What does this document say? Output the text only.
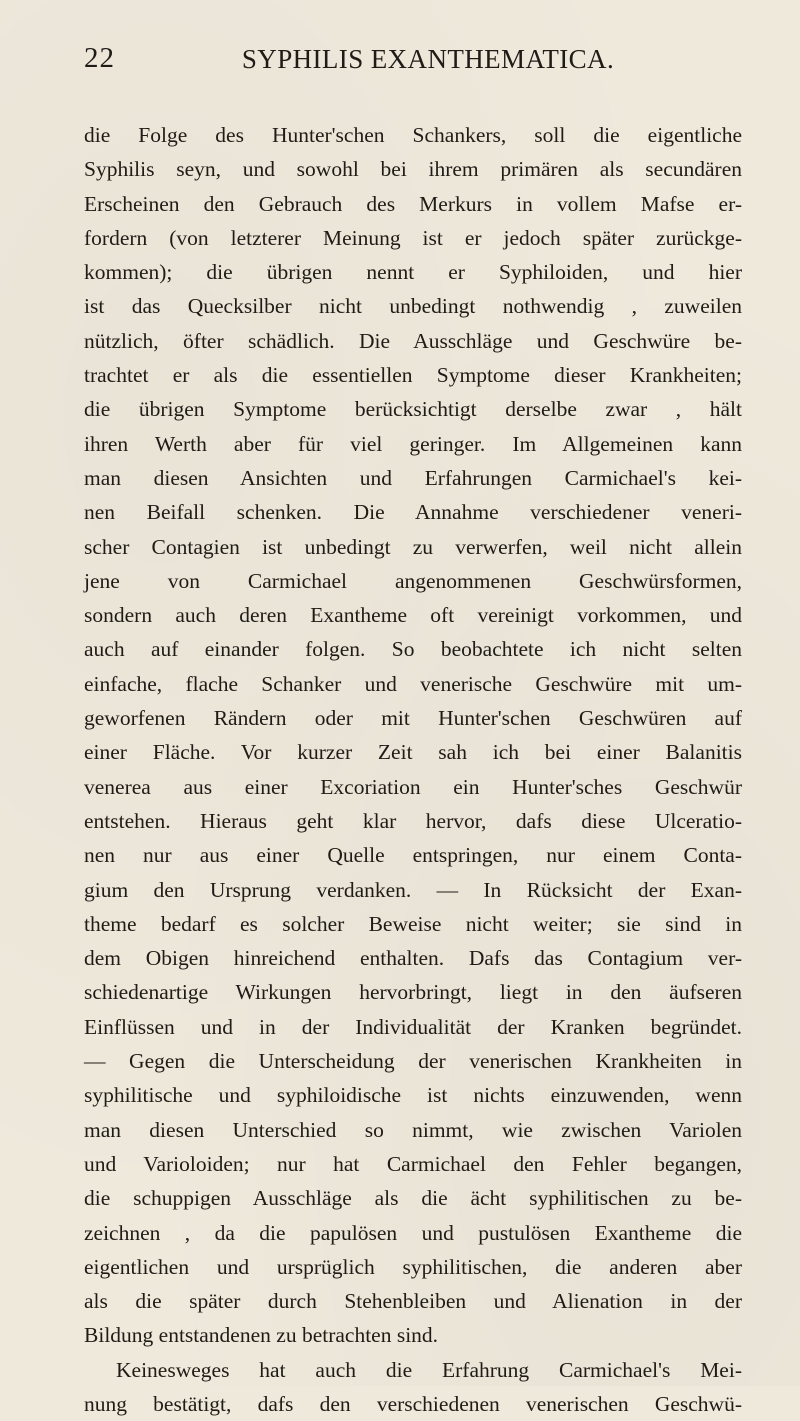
22	SYPHILIS EXANTHEMATICA.
die Folge des Hunter'schen Schankers, soll die eigentliche
Syphilis seyn, und sowohl bei ihrem primären als secundären
Erscheinen den Gebrauch des Merkurs in vollem Mafse er-
fordern (von letzterer Meinung ist er jedoch später zurückge-
kommen); die übrigen nennt er Syphiloiden, und hier
ist das Quecksilber nicht unbedingt nothwendig , zuweilen
nützlich, öfter schädlich. Die Ausschläge und Geschwüre be-
trachtet er als die essentiellen Symptome dieser Krankheiten;
die übrigen Symptome berücksichtigt derselbe zwar , hält
ihren Werth aber für viel geringer. Im Allgemeinen kann
man diesen Ansichten und Erfahrungen Carmichael's kei-
nen Beifall schenken. Die Annahme verschiedener veneri-
scher Contagien ist unbedingt zu verwerfen, weil nicht allein
jene von Carmichael angenommenen Geschwürsformen,
sondern auch deren Exantheme oft vereinigt vorkommen, und
auch auf einander folgen. So beobachtete ich nicht selten
einfache, flache Schanker und venerische Geschwüre mit um-
geworfenen Rändern oder mit Hunter'schen Geschwüren auf
einer Fläche. Vor kurzer Zeit sah ich bei einer Balanitis
venerea aus einer Excoriation ein Hunter'sches Geschwür
entstehen. Hieraus geht klar hervor, dafs diese Ulceratio-
nen nur aus einer Quelle entspringen, nur einem Conta-
gium den Ursprung verdanken. — In Rücksicht der Exan-
theme bedarf es solcher Beweise nicht weiter; sie sind in
dem Obigen hinreichend enthalten. Dafs das Contagium ver-
schiedenartige Wirkungen hervorbringt, liegt in den äufseren
Einflüssen und in der Individualität der Kranken begründet.
— Gegen die Unterscheidung der venerischen Krankheiten in
syphilitische und syphiloidische ist nichts einzuwenden, wenn
man diesen Unterschied so nimmt, wie zwischen Variolen
und Varioloiden; nur hat Carmichael den Fehler begangen,
die schuppigen Ausschläge als die ächt syphilitischen zu be-
zeichnen , da die papulösen und pustulösen Exantheme die
eigentlichen und ursprüglich syphilitischen, die anderen aber
als die später durch Stehenbleiben und Alienation in der
Bildung entstandenen zu betrachten sind.
Keinesweges hat auch die Erfahrung Carmichael's Mei-
nung bestätigt, dafs den verschiedenen venerischen Geschwü-
